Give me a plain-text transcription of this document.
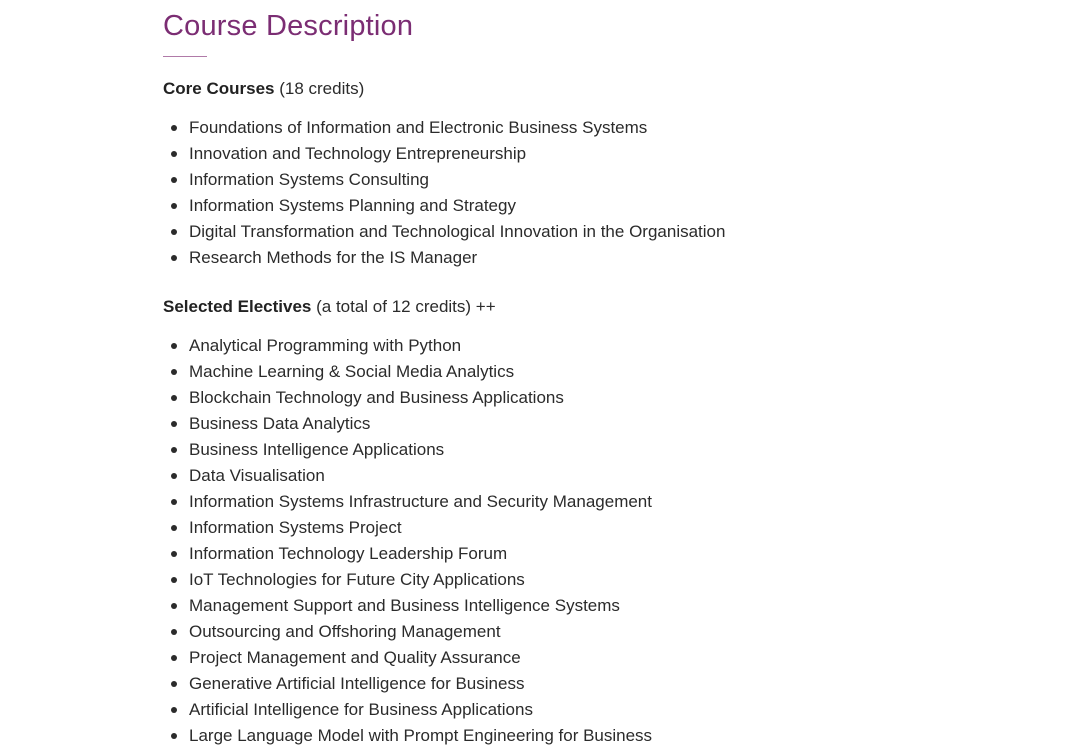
Course Description

Core Courses (18 credits)

Foundations of Information and Electronic Business Systems
Innovation and Technology Entrepreneurship
Information Systems Consulting
Information Systems Planning and Strategy
Digital Transformation and Technological Innovation in the Organisation
Research Methods for the IS Manager

Selected Electives (a total of 12 credits) ++

Analytical Programming with Python
Machine Learning & Social Media Analytics
Blockchain Technology and Business Applications
Business Data Analytics
Business Intelligence Applications
Data Visualisation
Information Systems Infrastructure and Security Management
Information Systems Project
Information Technology Leadership Forum
IoT Technologies for Future City Applications
Management Support and Business Intelligence Systems
Outsourcing and Offshoring Management
Project Management and Quality Assurance
Generative Artificial Intelligence for Business
Artificial Intelligence for Business Applications
Large Language Model with Prompt Engineering for Business
